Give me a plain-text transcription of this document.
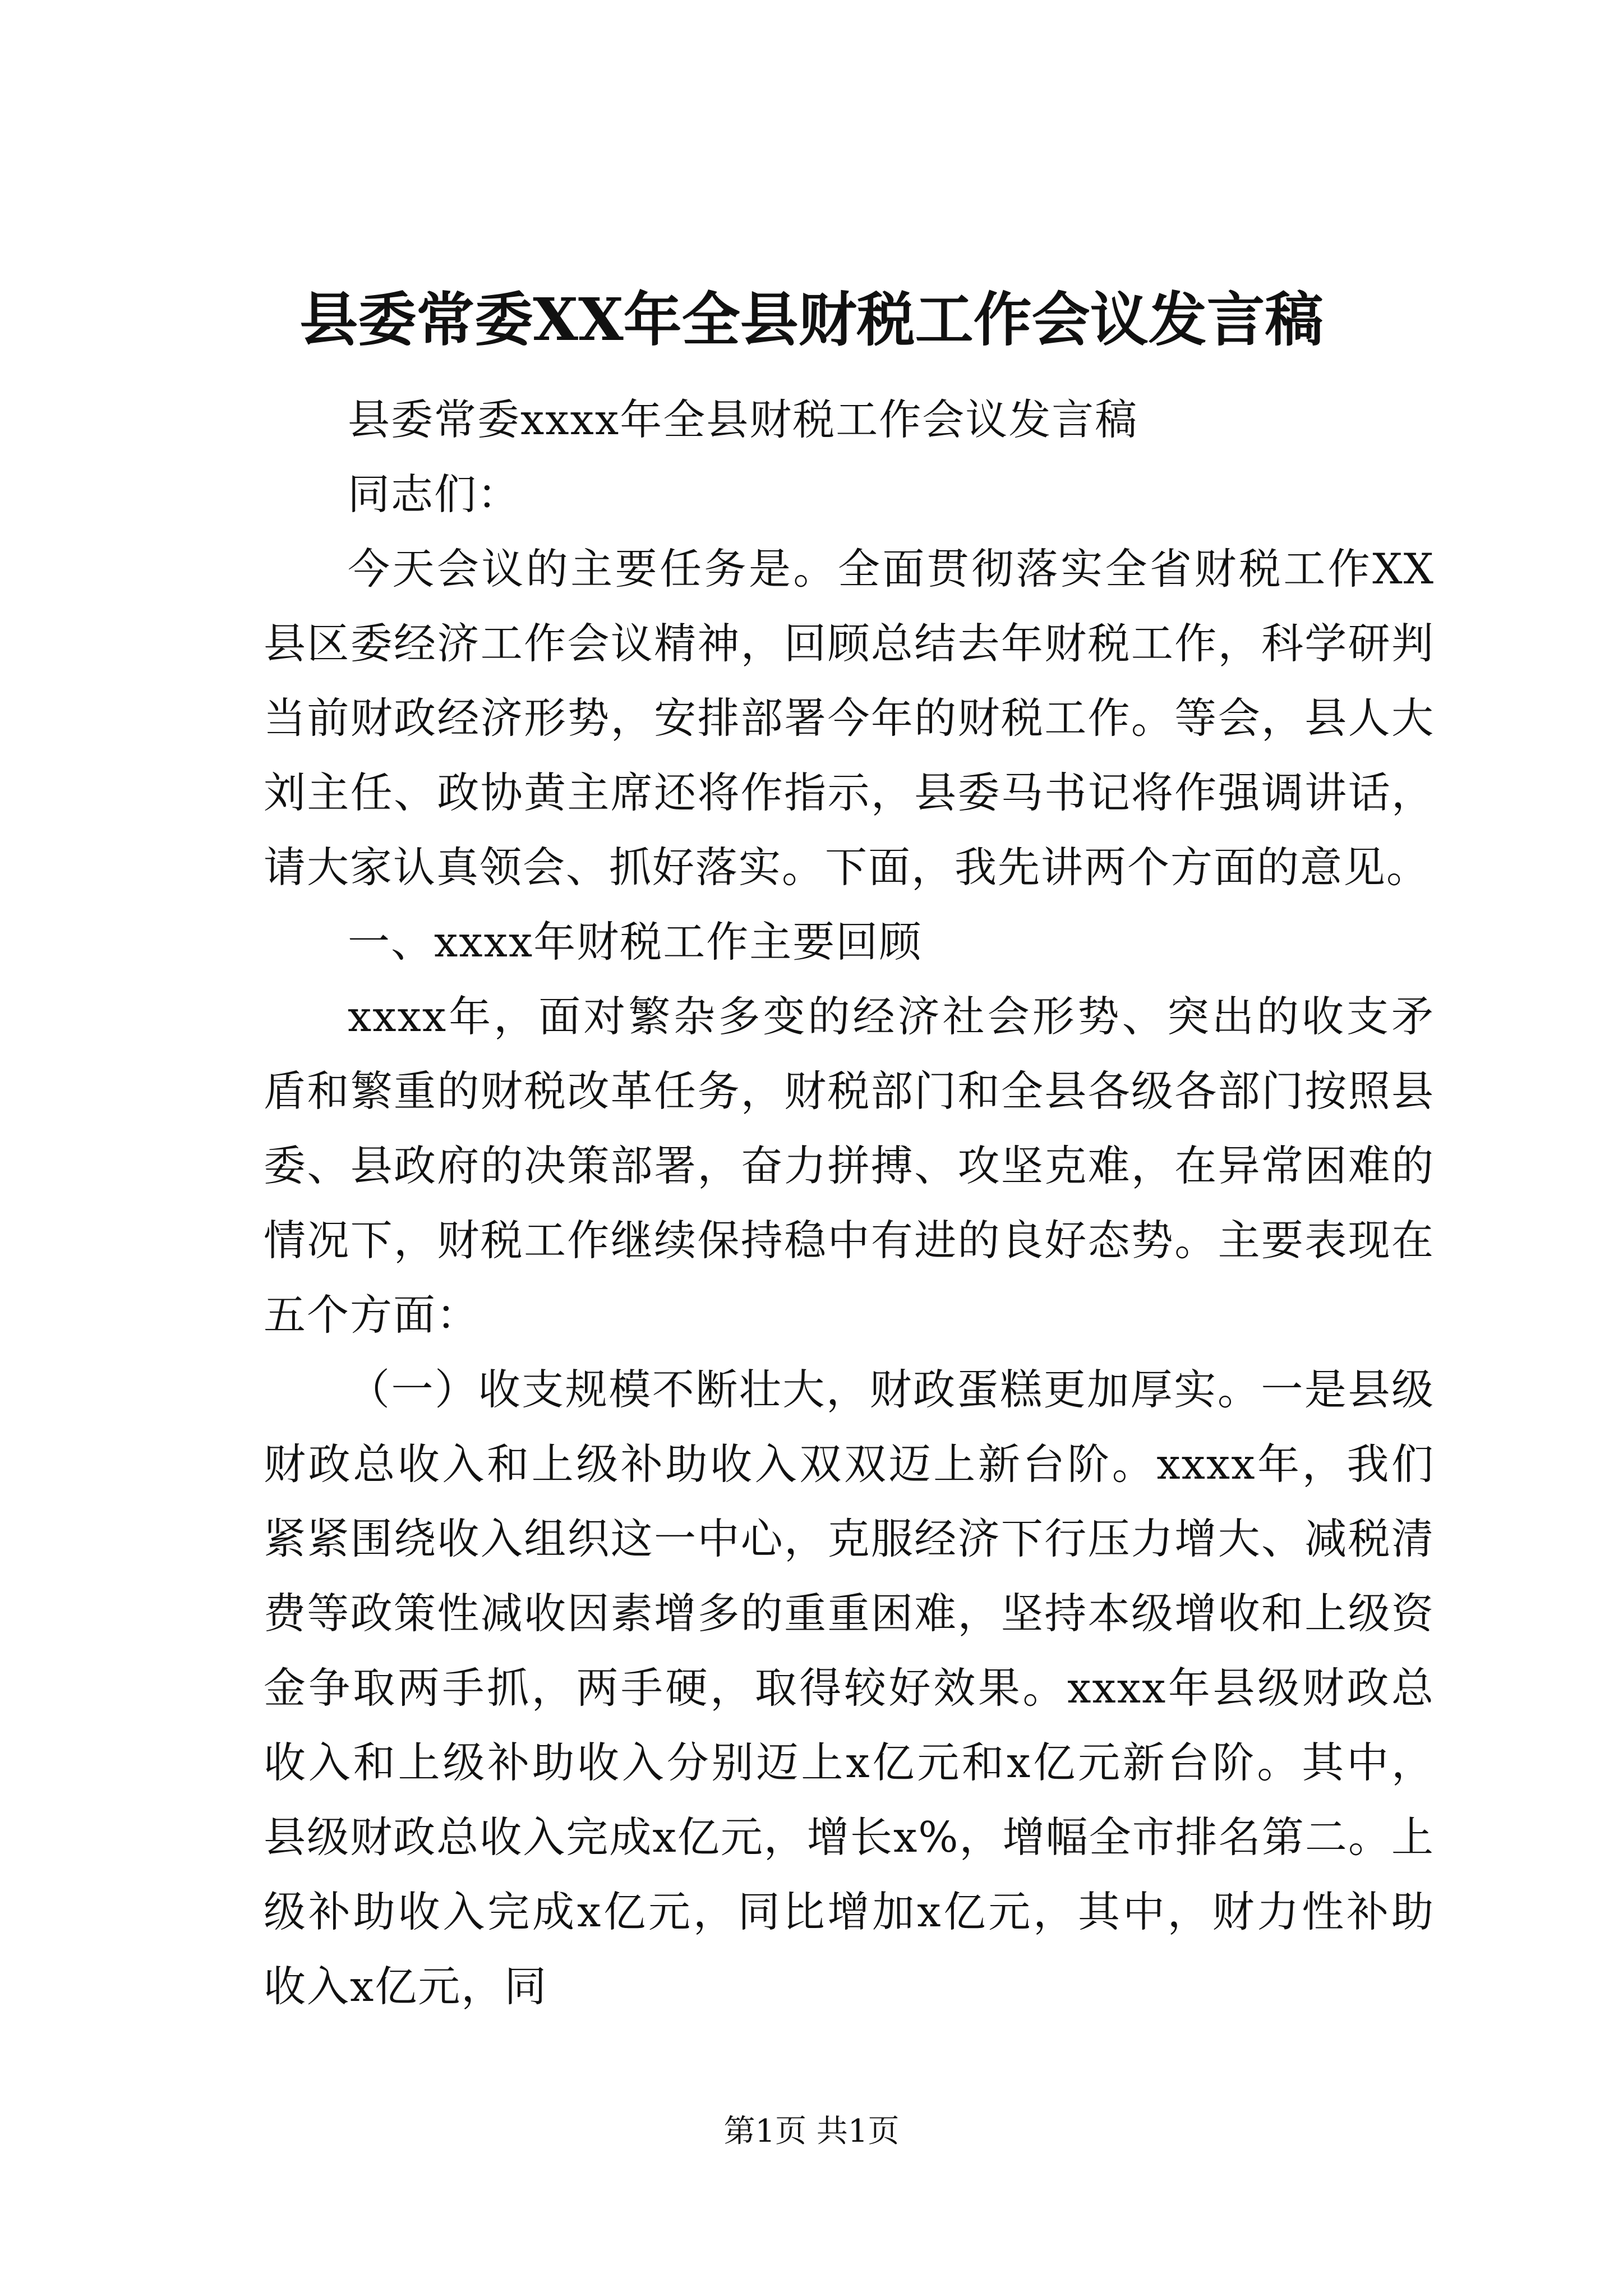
县委常委XX年全县财税工作会议发言稿

县委常委xxxx年全县财税工作会议发言稿

同志们：

今天会议的主要任务是。全面贯彻落实全省财税工作XX县区委经济工作会议精神，回顾总结去年财税工作，科学研判当前财政经济形势，安排部署今年的财税工作。等会，县人大刘主任、政协黄主席还将作指示，县委马书记将作强调讲话，请大家认真领会、抓好落实。下面，我先讲两个方面的意见。

一、xxxx年财税工作主要回顾

xxxx年，面对繁杂多变的经济社会形势、突出的收支矛盾和繁重的财税改革任务，财税部门和全县各级各部门按照县委、县政府的决策部署，奋力拼搏、攻坚克难，在异常困难的情况下，财税工作继续保持稳中有进的良好态势。主要表现在五个方面：

（一）收支规模不断壮大，财政蛋糕更加厚实。一是县级财政总收入和上级补助收入双双迈上新台阶。xxxx年，我们紧紧围绕收入组织这一中心，克服经济下行压力增大、减税清费等政策性减收因素增多的重重困难，坚持本级增收和上级资金争取两手抓，两手硬，取得较好效果。xxxx年县级财政总收入和上级补助收入分别迈上x亿元和x亿元新台阶。其中，县级财政总收入完成x亿元，增长x%，增幅全市排名第二。上级补助收入完成x亿元，同比增加x亿元，其中，财力性补助收入x亿元，同

第1页 共1页
